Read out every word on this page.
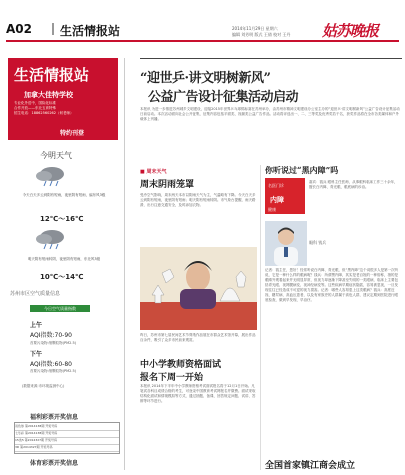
A02 生活情报站	2014年11月29日 星期六
编辑 刘芳明 版式 王倩 校对 王丹 姑苏晚报
生活情报站
加拿大佳特学校
专业化外语中，国际化标准
合作开放——东北五育特殊
招生电话：18862560262（何老师）
特约刊登
今明天气
今天白天多云到阴有短雨，夜里阴有短雨，偏东风3级
12℃～16℃
明天阴有短雨转阴，夜里阴有短雨，东北风3级
10℃～14℃
苏州市区空气质量信息
今日空气质量指数
上午
AQI指数:70-90
首要污染物:细颗粒物(PM2.5)
下午
AQI指数:60-80
首要污染物:细颗粒物(PM2.5)
(数据来源:市环境监测中心)
福利彩票开奖信息
双色球 第2014138期 开奖号码
七乐彩 第2014138期 开奖号码
15选5 第2014327期 开奖号码
3D 第2014327期 开奖号码
体育彩票开奖信息
“迎世乒·讲文明树新风”
公益广告设计征集活动启动
本报讯 为进一步推进苏州城乡文明建设，迎接2015年世界乒乓球锦标赛在苏州举办，由苏州市精神文明建设办公室主办的“迎世乒·讲文明树新风”公益广告设计征集活动日前启动。本次活动面向社会公开征集，征集内容包括平面类、视频类公益广告作品。活动将评选出一、二、三等奖及优秀奖若干名，获奖作品将在全市各类媒体和户外载体上刊播。
■ 周末天气
周末阴雨笼罩
受冷空气影响，周末两天本市以阴雨天气为主，气温略有下降。今天白天多云到阴有短雨，夜里阴有短雨；明天阴有短雨转阴。市气象台提醒，雨天路滑，出行注意交通安全，及时添加衣物。
你听说过“黑内障”吗
名医门诊
内障
健康
嘉宾：钱兵 眼科主任医师，从事眼科临床工作三十余年，擅长白内障、青光眼、眼底病的诊治。
眼科 钱兵
记者：钱主任，您好！经常听说白内障、青光眼，但“黑内障”这个词很多人是第一次听说，它是一种什么样的眼病呢？钱兵：所谓黑内障，其实是老百姓的一种俗称，指的是眼睛外观看起来并无明显异常，但视力却逐渐下降甚至失明的一类眼病，临床上主要包括青光眼、视网膜病变、视神经病变等。这些疾病早期症状隐匿，容易被忽视，一旦发现往往已经造成不可逆的视力损害。记者：哪些人容易患上这类眼病？钱兵：高度近视、糖尿病、高血压患者，以及有家族史的人群属于高危人群，建议定期到医院进行眼底检查，做到早发现、早治疗。
昨日，苏州市第七届民间艺术节剪纸作品展在市群众艺术馆开幕，展出作品百余件，吸引了众多市民前来观赏。
中小学教师资格面试
报名下周一开始
本报讯 2014年下半年中小学教师资格考试面试报名将于12月1日开始。凡笔试各科目成绩合格的考生，可登录中国教育考试网报名并缴费。面试采取结构化面试和情境模拟等方式，通过抽题、备课、回答规定问题、试讲、答辩等环节进行。
全国首家镇江商会成立
